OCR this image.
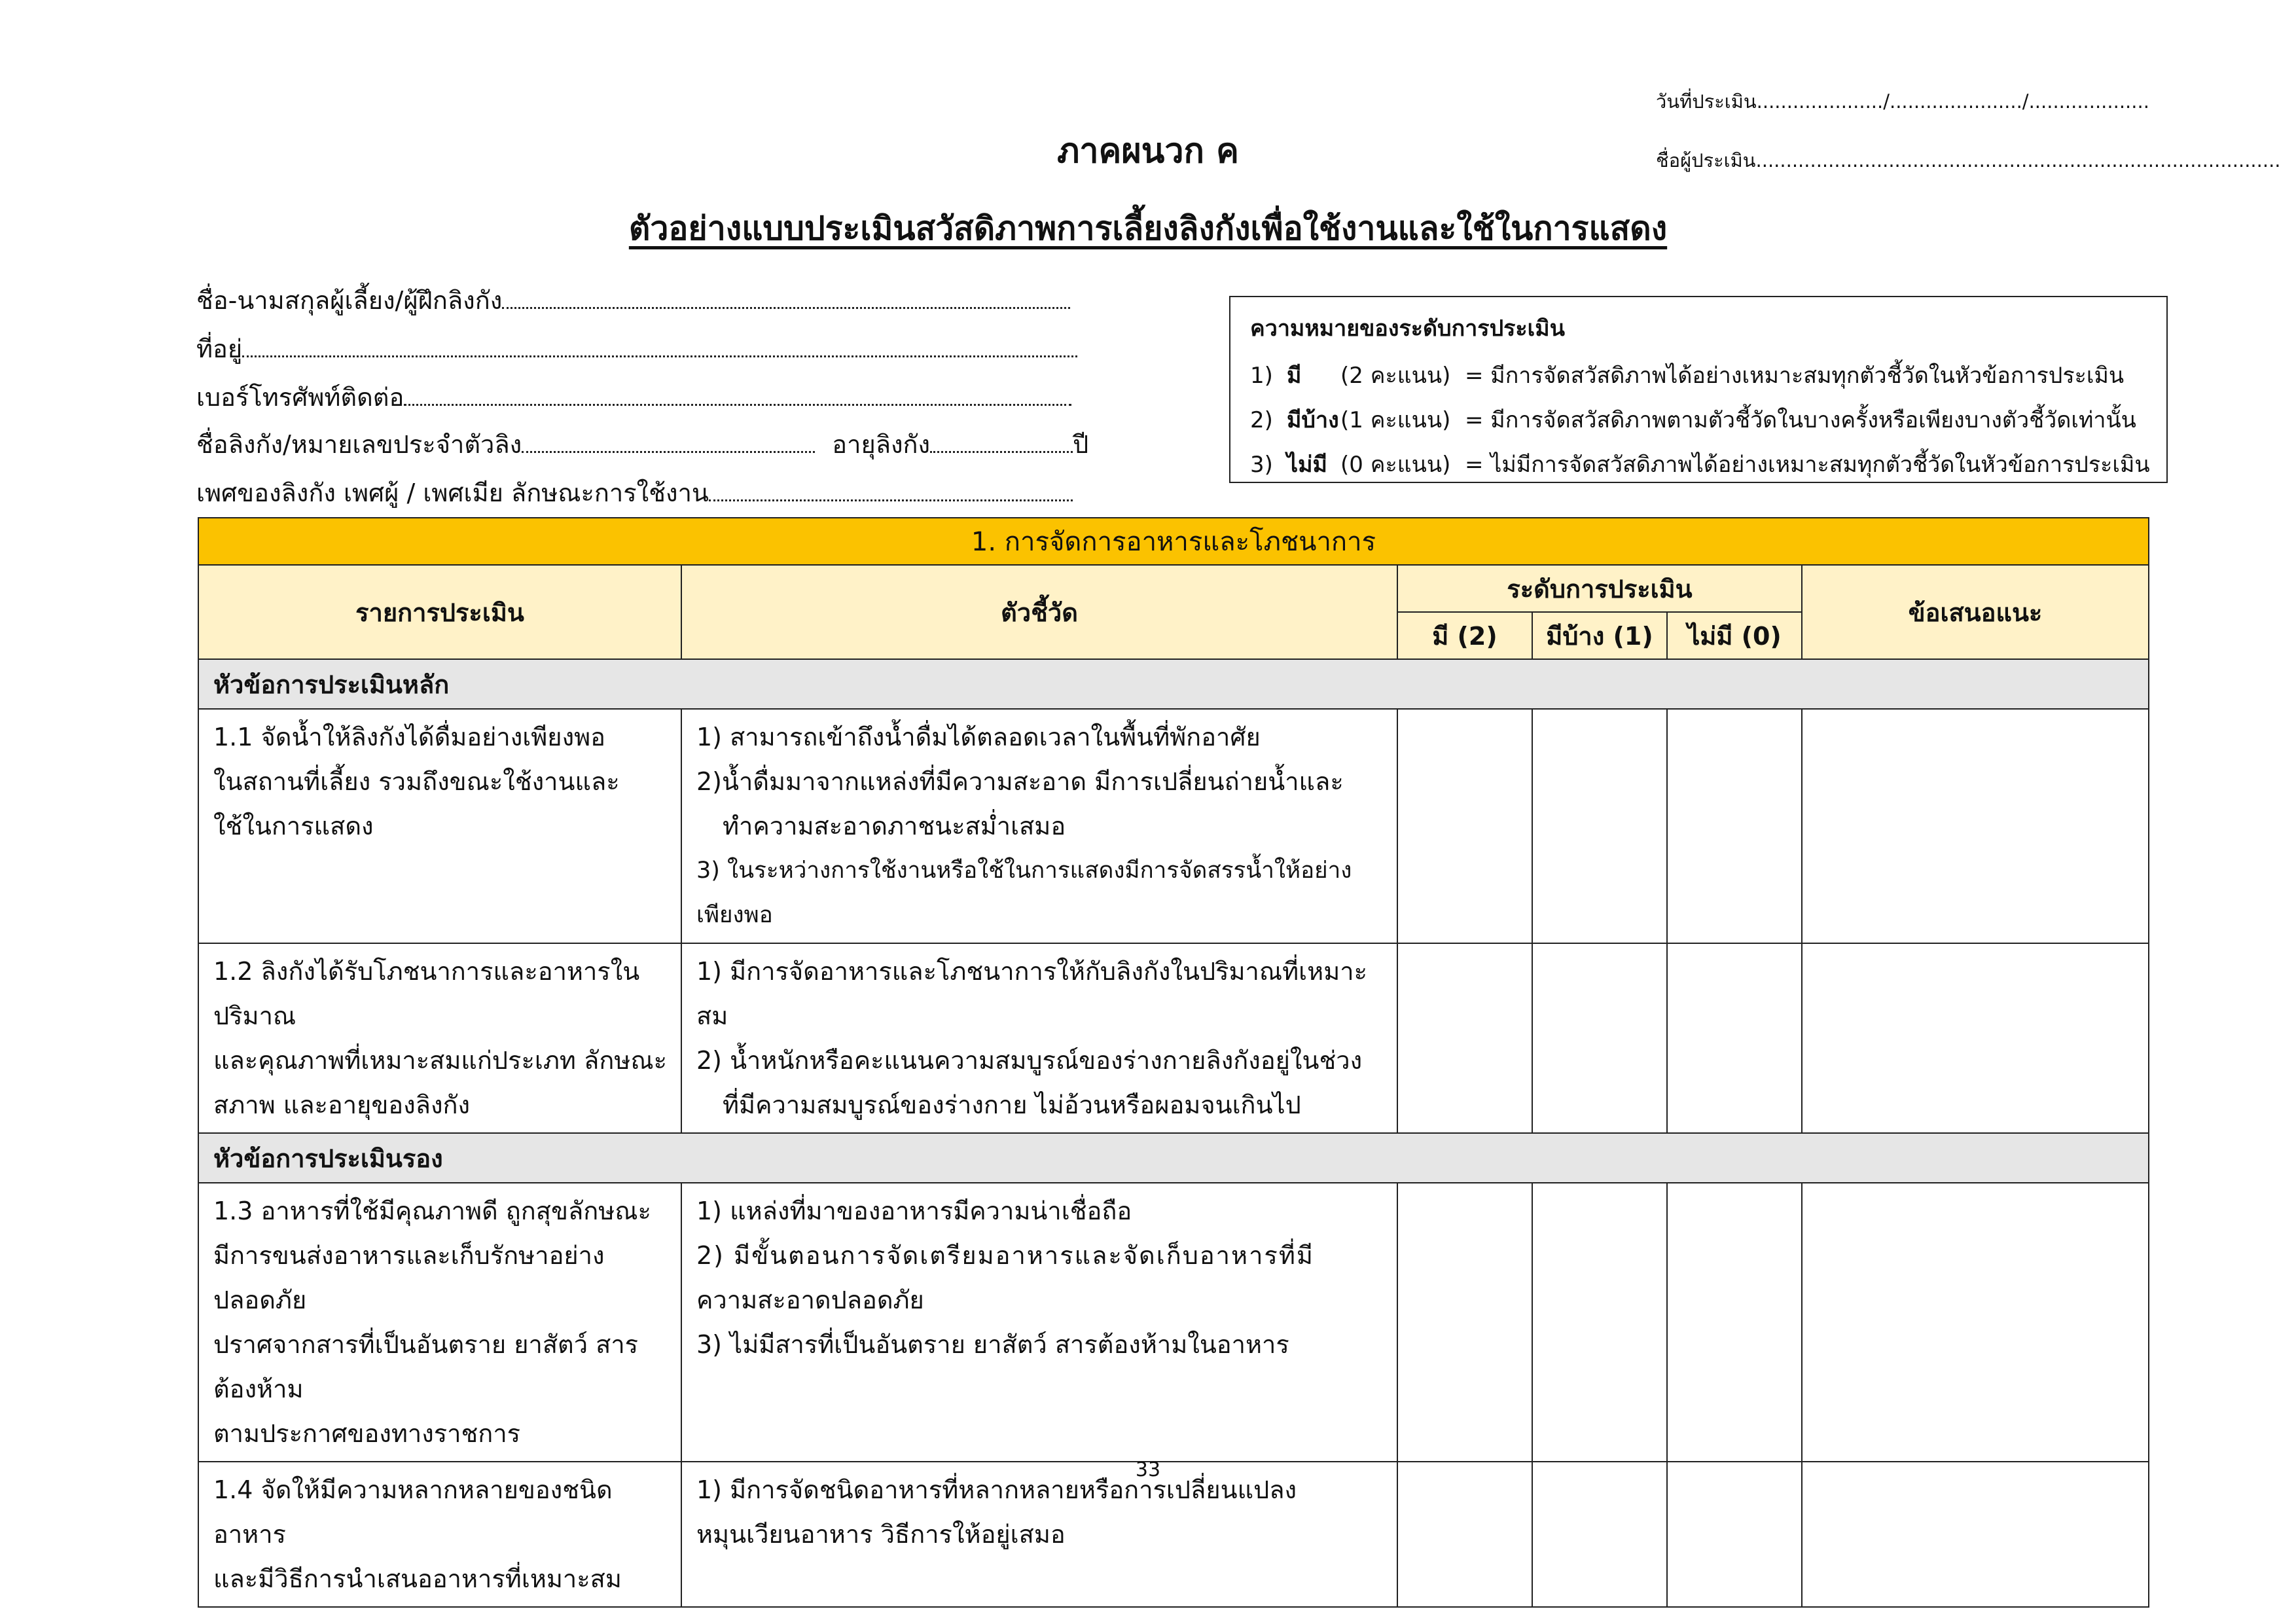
วันที่ประเมิน...................../....................../....................
ชื่อผู้ประเมิน.......................................................................................
ภาคผนวก ค
ตัวอย่างแบบประเมินสวัสดิภาพการเลี้ยงลิงกังเพื่อใช้งานและใช้ในการแสดง
ชื่อ-นามสกุลผู้เลี้ยง/ผู้ฝึกลิงกัง
ที่อยู่
เบอร์โทรศัพท์ติดต่อ
ชื่อลิงกัง/หมายเลขประจำตัวลิง	อายุลิงกัง	ปี
เพศของลิงกัง เพศผู้ / เพศเมีย ลักษณะการใช้งาน
ความหมายของระดับการประเมิน
1) มี (2 คะแนน) = มีการจัดสวัสดิภาพได้อย่างเหมาะสมทุกตัวชี้วัดในหัวข้อการประเมิน
2) มีบ้าง(1 คะแนน) = มีการจัดสวัสดิภาพตามตัวชี้วัดในบางครั้งหรือเพียงบางตัวชี้วัดเท่านั้น
3) ไม่มี (0 คะแนน) = ไม่มีการจัดสวัสดิภาพได้อย่างเหมาะสมทุกตัวชี้วัดในหัวข้อการประเมิน
1. การจัดการอาหารและโภชนาการ					
รายการประเมิน	ตัวชี้วัด	ระดับการประเมิน			ข้อเสนอแนะ
		มี (2)	มีบ้าง (1)	ไม่มี (0)	
หัวข้อการประเมินหลัก					

1.1 จัดน้ำให้ลิงกังได้ดื่มอย่างเพียงพอ
ในสถานที่เลี้ยง รวมถึงขณะใช้งานและ
ใช้ในการแสดง	1) สามารถเข้าถึงน้ำดื่มได้ตลอดเวลาในพื้นที่พักอาศัย
2)น้ำดื่มมาจากแหล่งที่มีความสะอาด มีการเปลี่ยนถ่ายน้ำและ
ทำความสะอาดภาชนะสม่ำเสมอ
3) ในระหว่างการใช้งานหรือใช้ในการแสดงมีการจัดสรรน้ำให้อย่างเพียงพอ				

1.2 ลิงกังได้รับโภชนาการและอาหารในปริมาณ
และคุณภาพที่เหมาะสมแก่ประเภท ลักษณะ
สภาพ และอายุของลิงกัง	1) มีการจัดอาหารและโภชนาการให้กับลิงกังในปริมาณที่เหมาะสม
2) น้ำหนักหรือคะแนนความสมบูรณ์ของร่างกายลิงกังอยู่ในช่วง
ที่มีความสมบูรณ์ของร่างกาย ไม่อ้วนหรือผอมจนเกินไป				

หัวข้อการประเมินรอง					

1.3 อาหารที่ใช้มีคุณภาพดี ถูกสุขลักษณะ
มีการขนส่งอาหารและเก็บรักษาอย่างปลอดภัย
ปราศจากสารที่เป็นอันตราย ยาสัตว์ สารต้องห้าม
ตามประกาศของทางราชการ	1) แหล่งที่มาของอาหารมีความน่าเชื่อถือ
2) มีขั้นตอนการจัดเตรียมอาหารและจัดเก็บอาหารที่มี
ความสะอาดปลอดภัย
3) ไม่มีสารที่เป็นอันตราย ยาสัตว์ สารต้องห้ามในอาหาร				

1.4 จัดให้มีความหลากหลายของชนิดอาหาร
และมีวิธีการนำเสนออาหารที่เหมาะสม	1) มีการจัดชนิดอาหารที่หลากหลายหรือการเปลี่ยนแปลง
หมุนเวียนอาหาร วิธีการให้อยู่เสมอ				

33
